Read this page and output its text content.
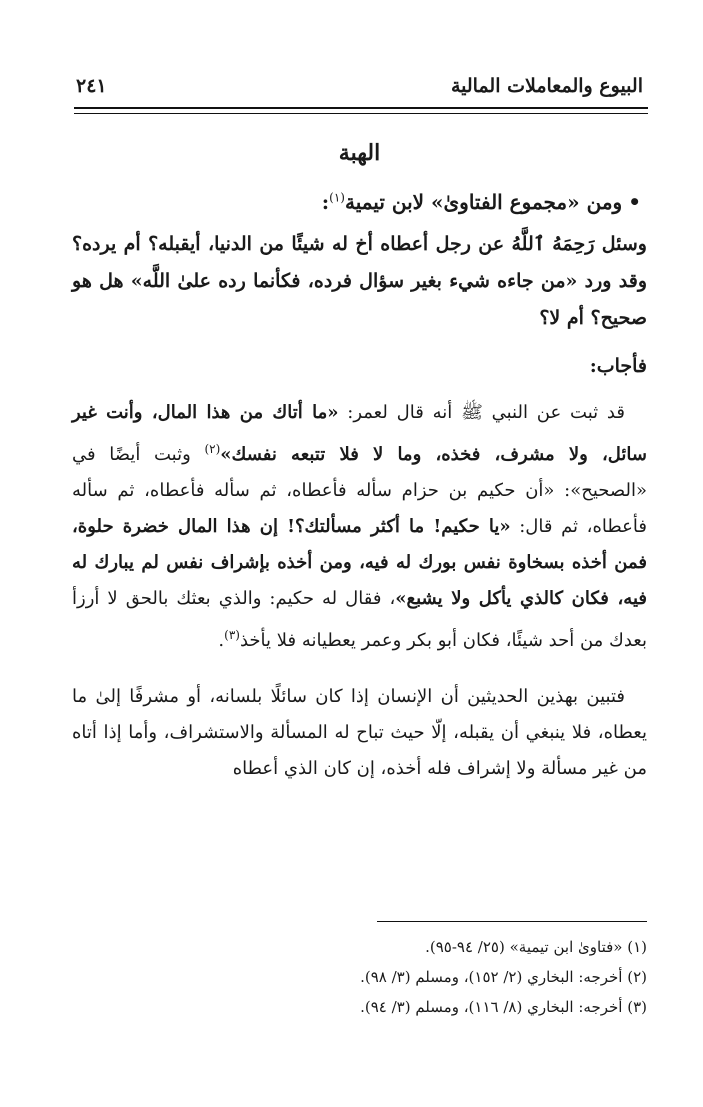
البيوع والمعاملات المالية
٢٤١
الهبة
•ومن «مجموع الفتاوىٰ» لابن تيمية$^{(١)}$:
وسئل رَحِمَهُ ٱللَّهُ عن رجل أعطاه أخ له شيئًا من الدنيا، أيقبله؟ أم يرده؟ وقد ورد «من جاءه شيء بغير سؤال فرده، فكأنما رده علىٰ اللَّه» هل هو صحيح؟ أم لا؟
فأجاب:
قد ثبت عن النبي ﷺ أنه قال لعمر: «ما أتاك من هذا المال، وأنت غير سائل، ولا مشرف، فخذه، وما لا فلا تتبعه نفسك»$^{(٢)}$ وثبت أيضًا في «الصحيح»: «أن حكيم بن حزام سأله فأعطاه، ثم سأله فأعطاه، ثم سأله فأعطاه، ثم قال: «يا حكيم! ما أكثر مسألتك؟! إن هذا المال خضرة حلوة، فمن أخذه بسخاوة نفس بورك له فيه، ومن أخذه بإشراف نفس لم يبارك له فيه، فكان كالذي يأكل ولا يشبع»، فقال له حكيم: والذي بعثك بالحق لا أرزأ بعدك من أحد شيئًا، فكان أبو بكر وعمر يعطيانه فلا يأخذ$^{(٣)}$.
فتبين بهذين الحديثين أن الإنسان إذا كان سائلًا بلسانه، أو مشرفًا إلىٰ ما يعطاه، فلا ينبغي أن يقبله، إلّا حيث تباح له المسألة والاستشراف، وأما إذا أتاه من غير مسألة ولا إشراف فله أخذه، إن كان الذي أعطاه

(١) «فتاوىٰ ابن تيمية» (٢٥/ ٩٤-٩٥).

(٢) أخرجه: البخاري (٢/ ١٥٢)، ومسلم (٣/ ٩٨).

(٣) أخرجه: البخاري (٨/ ١١٦)، ومسلم (٣/ ٩٤).
